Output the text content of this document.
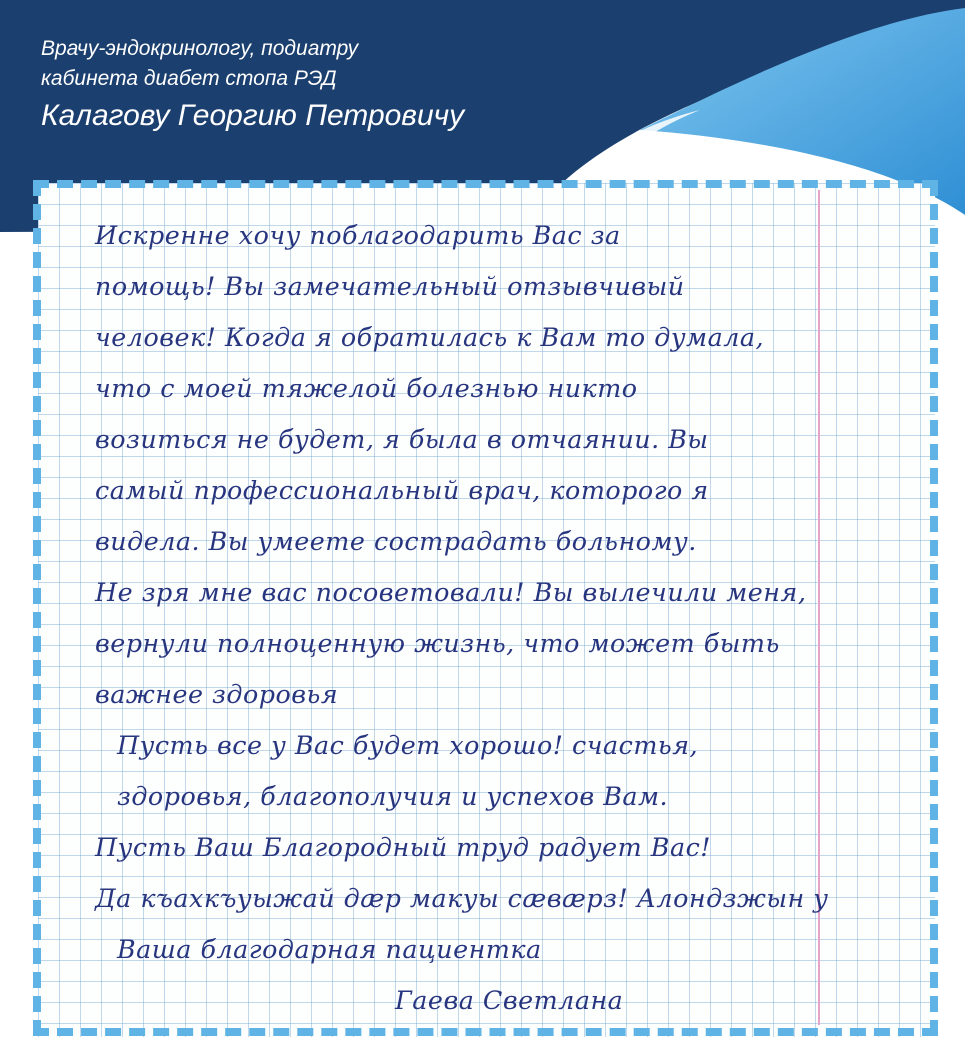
Врачу-эндокринологу, подиатру
кабинета диабет стопа РЭД
Калагову Георгию Петровичу
Искренне хочу поблагодарить Вас за
помощь! Вы замечательный отзывчивый
человек! Когда я обратилась к Вам то думала,
что с моей тяжелой болезнью никто
возиться не будет, я была в отчаянии. Вы
самый профессиональный врач, которого я
видела. Вы умеете сострадать больному.
Не зря мне вас посоветовали! Вы вылечили меня,
вернули полноценную жизнь, что может быть
важнее здоровья
Пусть все у Вас будет хорошо! счастья,
здоровья, благополучия и успехов Вам.
Пусть Ваш Благородный труд радует Вас!
Да къахкъуыжай дæр макуы сæвæрз! Алондзжын у
Ваша благодарная пациентка
Гаева Светлана
